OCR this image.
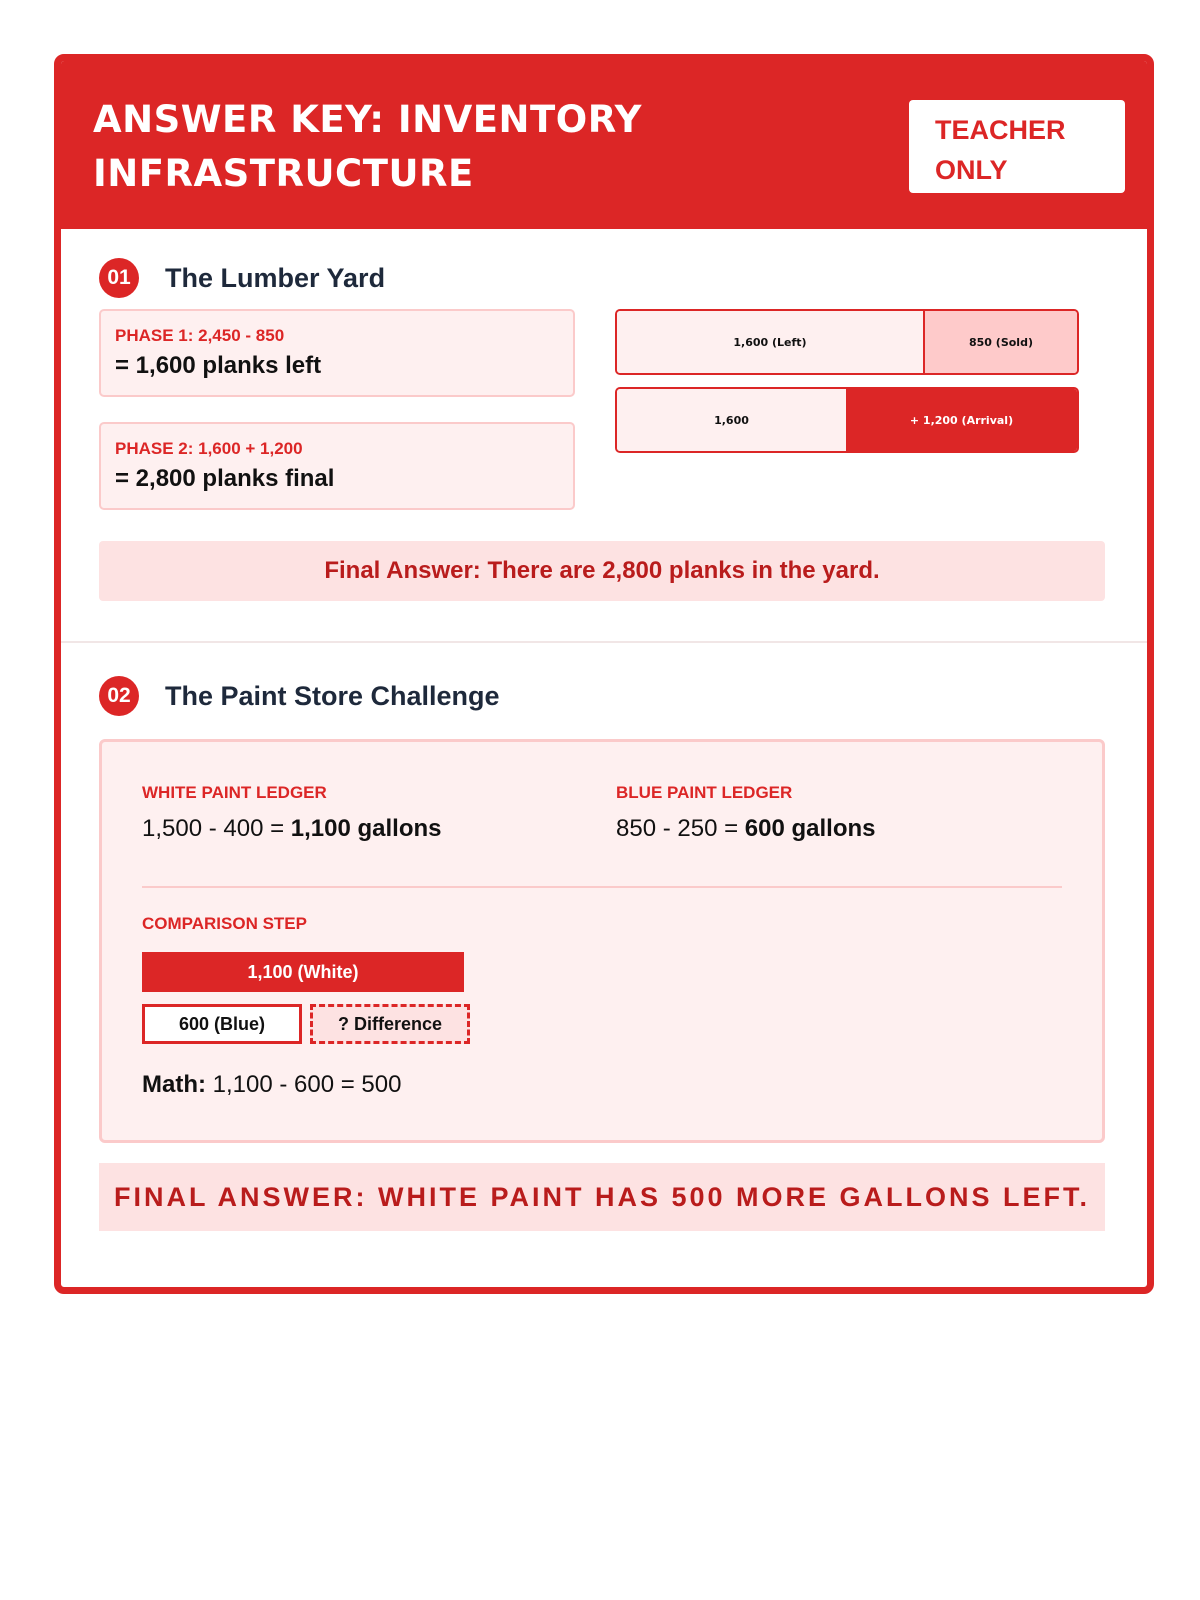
ANSWER KEY: INVENTORY INFRASTRUCTURE
TEACHER ONLY
01	The Lumber Yard
PHASE 1: 2,450 - 850
= 1,600 planks left
PHASE 2: 1,600 + 1,200
= 2,800 planks final
1,600 (Left)	850 (Sold)
1,600	+ 1,200 (Arrival)
Final Answer: There are 2,800 planks in the yard.
02	The Paint Store Challenge
WHITE PAINT LEDGER
1,500 - 400 = 1,100 gallons
BLUE PAINT LEDGER
850 - 250 = 600 gallons
COMPARISON STEP
1,100 (White)
600 (Blue)	? Difference
Math: 1,100 - 600 = 500
FINAL ANSWER: WHITE PAINT HAS 500 MORE GALLONS LEFT.
